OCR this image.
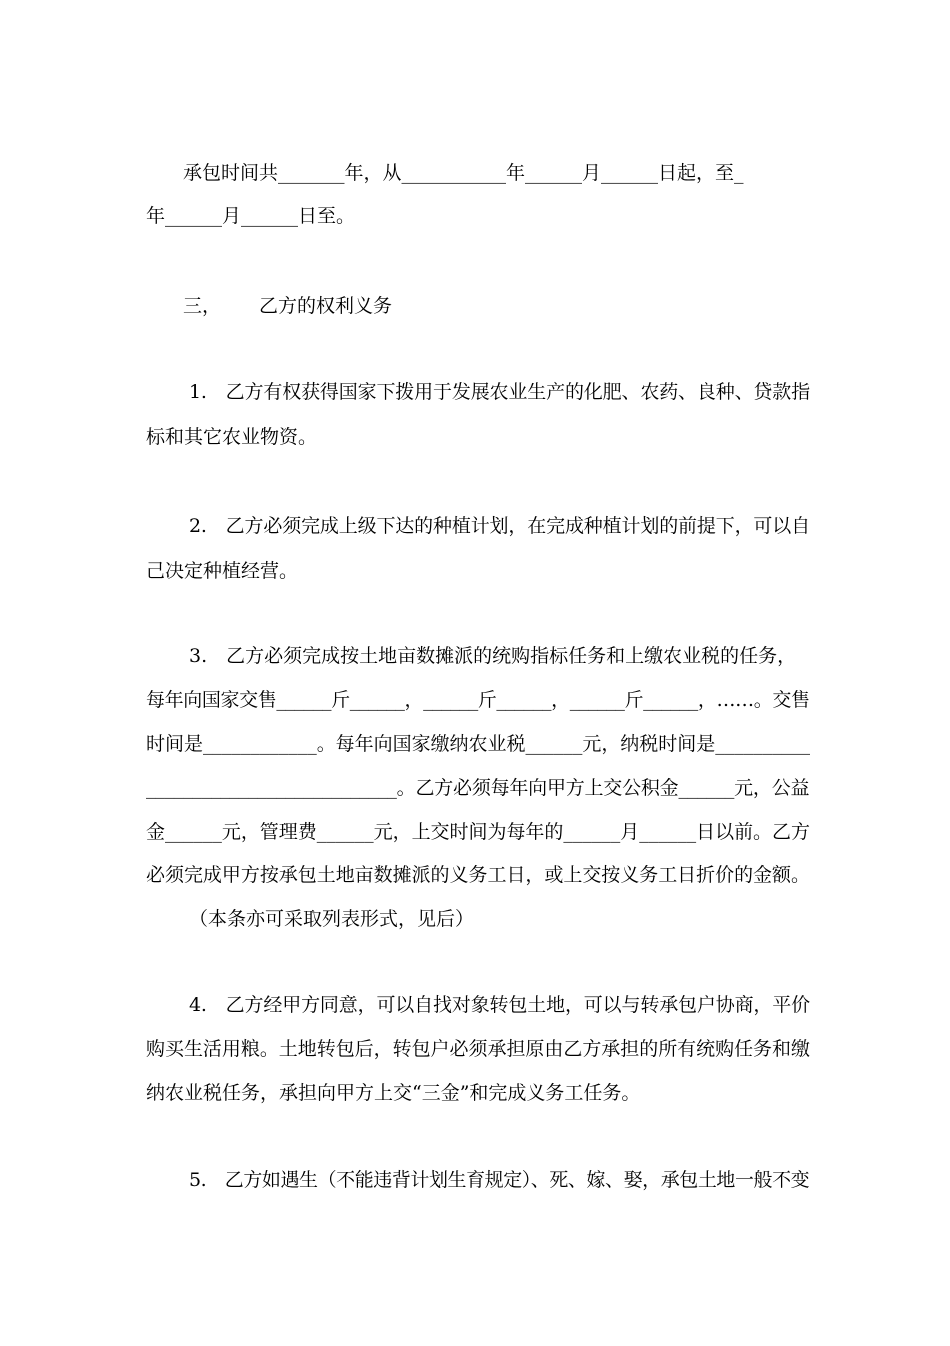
承包时间共_______年，从___________年______月______日起，至_
年______月______日至。
三， 乙方的权利义务
1.　乙方有权获得国家下拨用于发展农业生产的化肥、农药、良种、贷款指
标和其它农业物资。
2.　乙方必须完成上级下达的种植计划，在完成种植计划的前提下，可以自
己决定种植经营。
3.　乙方必须完成按土地亩数摊派的统购指标任务和上缴农业税的任务，
每年向国家交售______斤______，______斤______，______斤______，……。交售
时间是____________。每年向国家缴纳农业税______元，纳税时间是__________
___________________________。乙方必须每年向甲方上交公积金______元，公益
金______元，管理费______元，上交时间为每年的______月______日以前。乙方
必须完成甲方按承包土地亩数摊派的义务工日，或上交按义务工日折价的金额。
（本条亦可采取列表形式，见后）
4.　乙方经甲方同意，可以自找对象转包土地，可以与转承包户协商，平价
购买生活用粮。土地转包后，转包户必须承担原由乙方承担的所有统购任务和缴
纳农业税任务，承担向甲方上交“三金”和完成义务工任务。
5.　乙方如遇生（不能违背计划生育规定）、死、嫁、娶，承包土地一般不变
